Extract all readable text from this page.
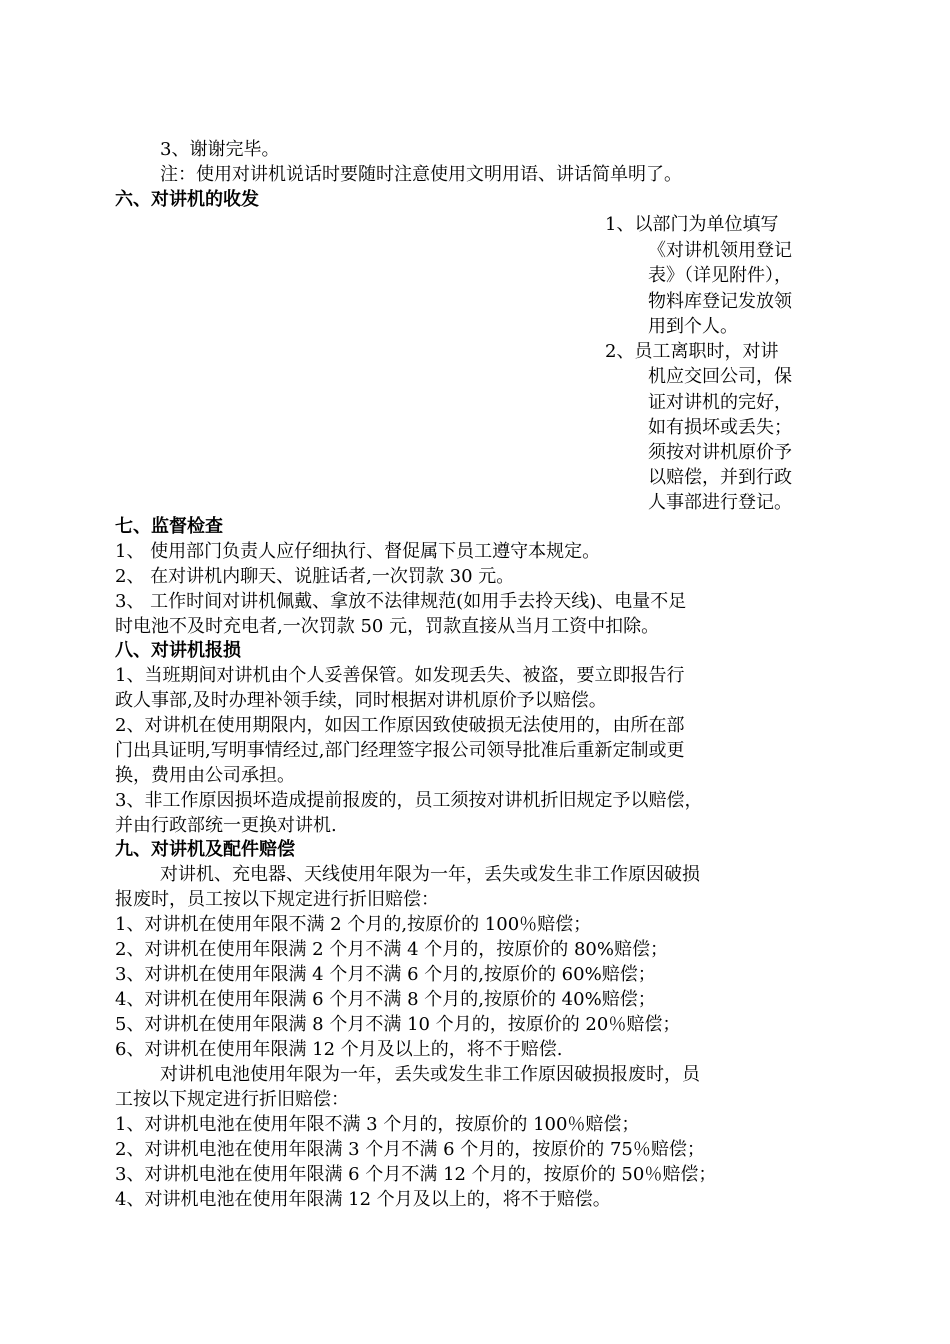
3、谢谢完毕。
注：使用对讲机说话时要随时注意使用文明用语、讲话简单明了。
六、对讲机的收发
1、以部门为单位填写
《对讲机领用登记
表》（详见附件），
物料库登记发放领
用到个人。
2、员工离职时，对讲
机应交回公司，保
证对讲机的完好，
如有损坏或丢失；
须按对讲机原价予
以赔偿，并到行政
人事部进行登记。
七、监督检查
1、 使用部门负责人应仔细执行、督促属下员工遵守本规定。
2、 在对讲机内聊天、说脏话者,一次罚款 30 元。
3、 工作时间对讲机佩戴、拿放不法律规范(如用手去拎天线)、电量不足
时电池不及时充电者,一次罚款 50 元，罚款直接从当月工资中扣除。
八、对讲机报损
1、当班期间对讲机由个人妥善保管。如发现丢失、被盗，要立即报告行
政人事部,及时办理补领手续，同时根据对讲机原价予以赔偿。
2、对讲机在使用期限内，如因工作原因致使破损无法使用的，由所在部
门出具证明,写明事情经过,部门经理签字报公司领导批准后重新定制或更
换，费用由公司承担。
3、非工作原因损坏造成提前报废的，员工须按对讲机折旧规定予以赔偿，
并由行政部统一更换对讲机.
九、对讲机及配件赔偿
对讲机、充电器、天线使用年限为一年，丢失或发生非工作原因破损
报废时，员工按以下规定进行折旧赔偿：
1、对讲机在使用年限不满 2 个月的,按原价的 100％赔偿；
2、对讲机在使用年限满 2 个月不满 4 个月的，按原价的 80%赔偿；
3、对讲机在使用年限满 4 个月不满 6 个月的,按原价的 60%赔偿；
4、对讲机在使用年限满 6 个月不满 8 个月的,按原价的 40%赔偿；
5、对讲机在使用年限满 8 个月不满 10 个月的，按原价的 20％赔偿；
6、对讲机在使用年限满 12 个月及以上的，将不于赔偿.
对讲机电池使用年限为一年，丢失或发生非工作原因破损报废时，员
工按以下规定进行折旧赔偿：
1、对讲机电池在使用年限不满 3 个月的，按原价的 100％赔偿；
2、对讲机电池在使用年限满 3 个月不满 6 个月的，按原价的 75％赔偿；
3、对讲机电池在使用年限满 6 个月不满 12 个月的，按原价的 50％赔偿；
4、对讲机电池在使用年限满 12 个月及以上的，将不于赔偿。
